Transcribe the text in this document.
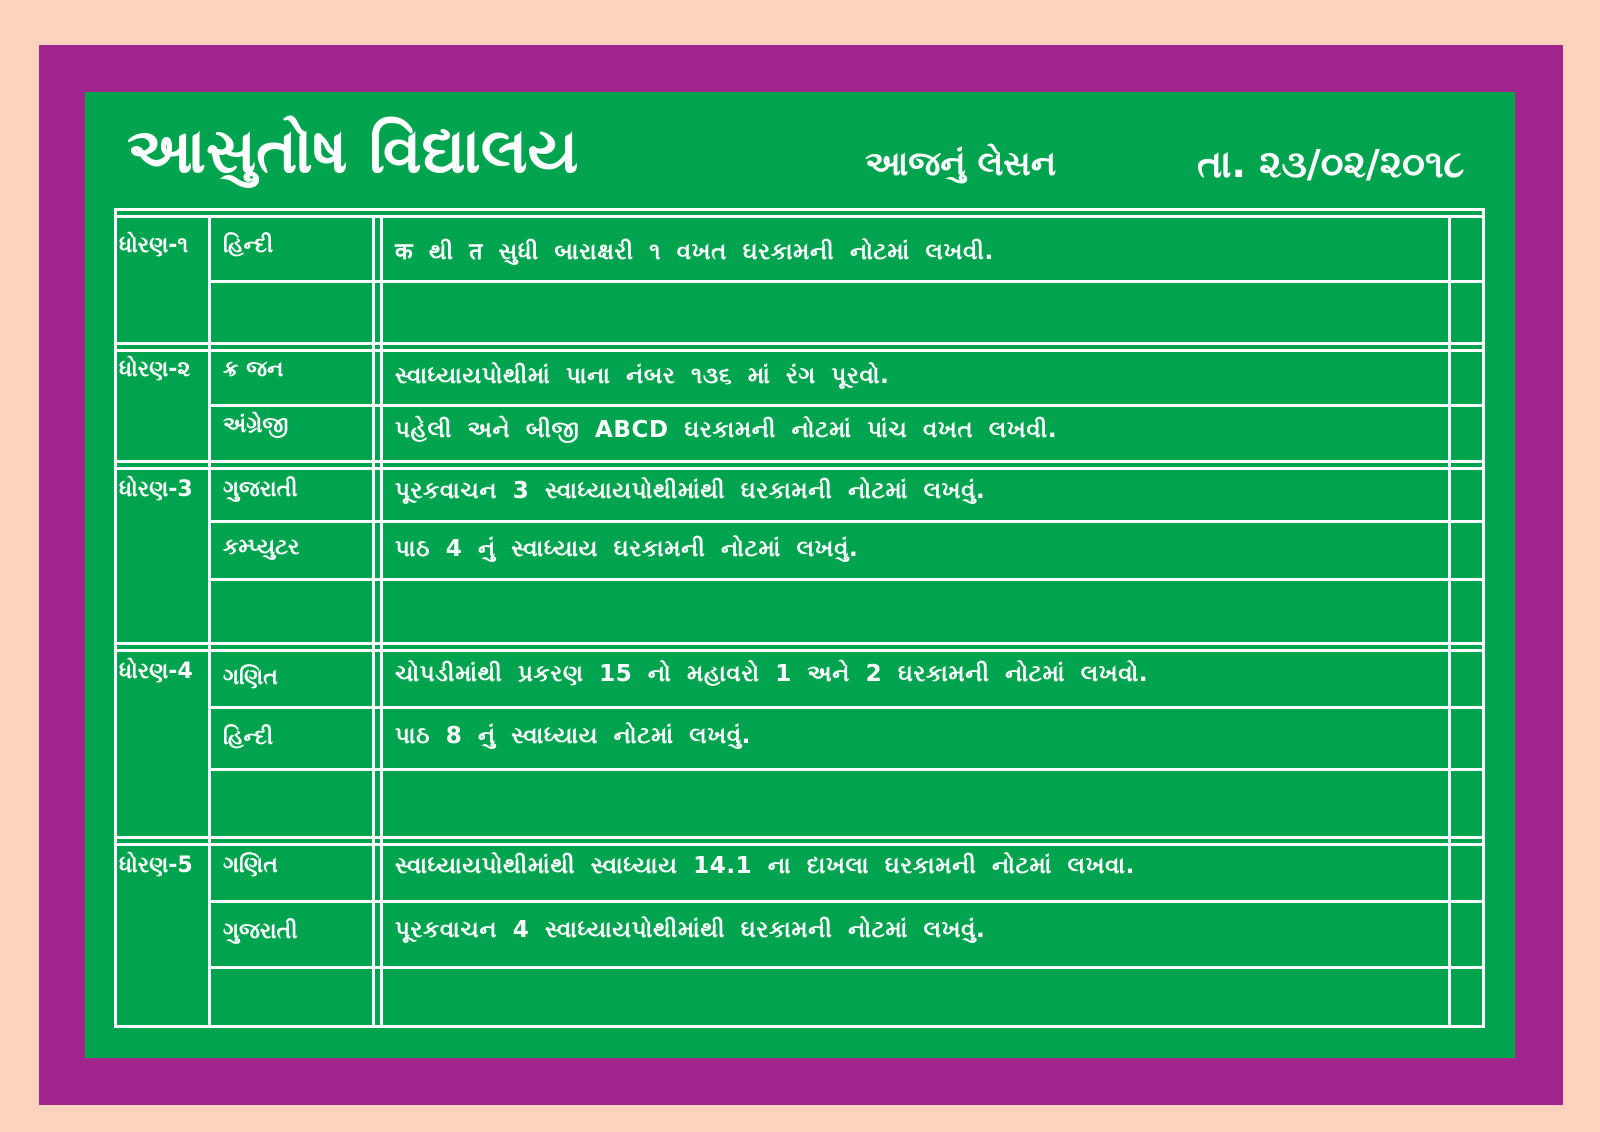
આસુતોષ વિદ્યાલય	આજનું લેસન	તા. ૨૩/૦૨/૨૦૧૮
ધોરણ-૧ હિન્દી	क થી त સુધી બારાક્ષરી ૧ વખત ઘરકામની નોટમાં લખવી.
ધોરણ-૨ ક્ર જન	સ્વાધ્યાયપોથીમાં પાના નંબર ૧૩૬ માં રંગ પૂરવો.
અંગ્રેજી	પહેલી અને બીજી ABCD ઘરકામની નોટમાં પાંચ વખત લખવી.
ધોરણ-3 ગુજરાતી	પૂરકવાચન 3 સ્વાધ્યાયપોથીમાંથી ઘરકામની નોટમાં લખવું.
કમ્પ્યુટર	પાઠ 4 નું સ્વાધ્યાય ઘરકામની નોટમાં લખવું.
ધોરણ-4 ગણિત	ચોપડીમાંથી પ્રકરણ 15 નો મહાવરો 1 અને 2 ઘરકામની નોટમાં લખવો.
હિન્દી	પાઠ 8 નું સ્વાધ્યાય નોટમાં લખવું.
ધોરણ-5 ગણિત	સ્વાધ્યાયપોથીમાંથી સ્વાધ્યાય 14.1 ના દાખલા ઘરકામની નોટમાં લખવા.
ગુજરાતી	પૂરકવાચન 4 સ્વાધ્યાયપોથીમાંથી ઘરકામની નોટમાં લખવું.
